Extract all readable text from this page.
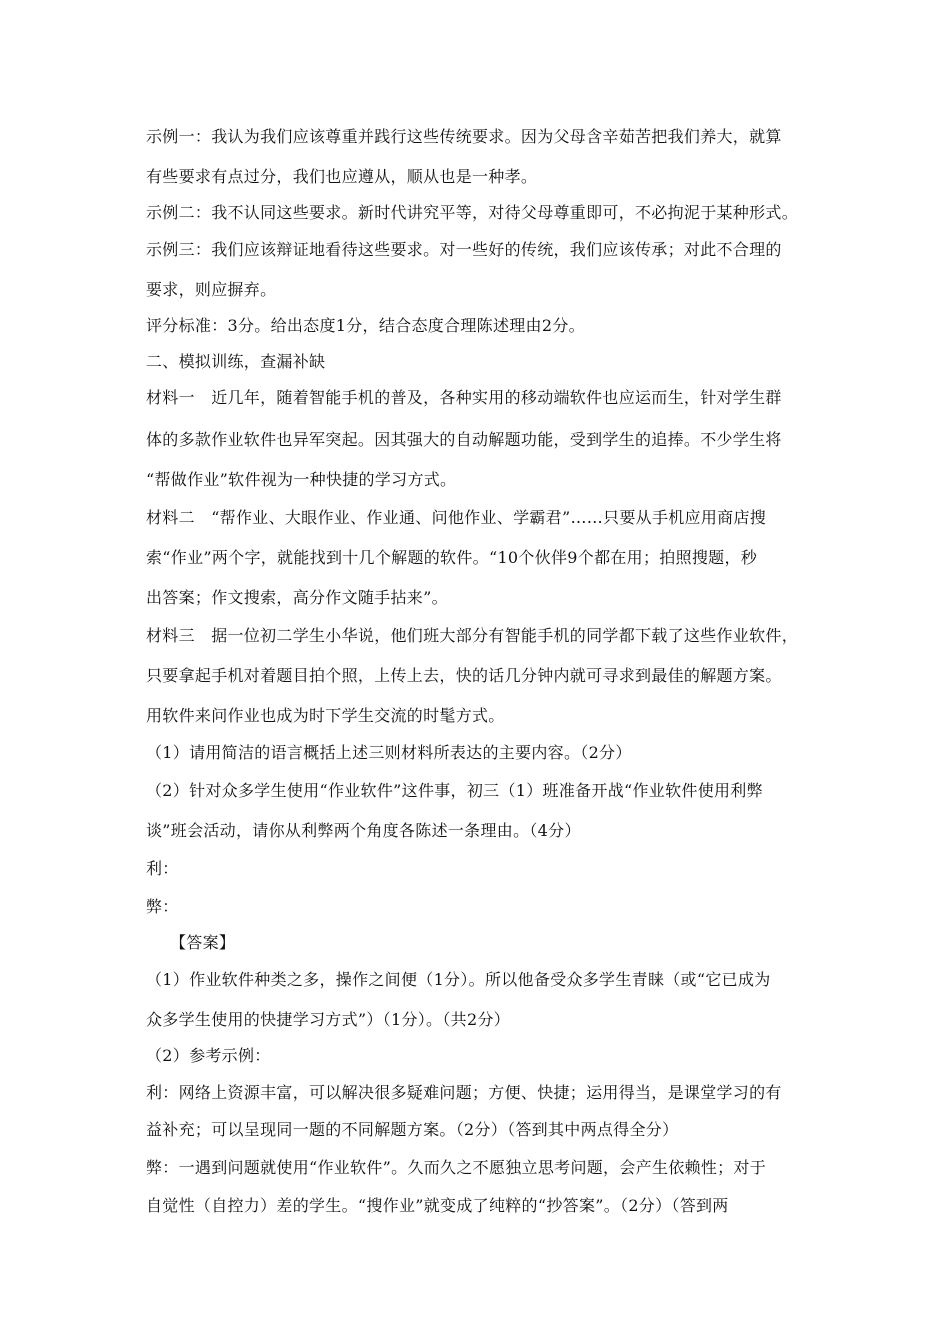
示例一：我认为我们应该尊重并践行这些传统要求。因为父母含辛茹苦把我们养大，就算
有些要求有点过分，我们也应遵从，顺从也是一种孝。
示例二：我不认同这些要求。新时代讲究平等，对待父母尊重即可，不必拘泥于某种形式。
示例三：我们应该辩证地看待这些要求。对一些好的传统，我们应该传承；对此不合理的
要求，则应摒弃。
评分标准：3分。给出态度1分，结合态度合理陈述理由2分。
二、模拟训练，查漏补缺
材料一　近几年，随着智能手机的普及，各种实用的移动端软件也应运而生，针对学生群
体的多款作业软件也异军突起。因其强大的自动解题功能，受到学生的追捧。不少学生将
“帮做作业”软件视为一种快捷的学习方式。
材料二　“帮作业、大眼作业、作业通、问他作业、学霸君”……只要从手机应用商店搜
索“作业”两个字，就能找到十几个解题的软件。“10个伙伴9个都在用；拍照搜题，秒
出答案；作文搜索，高分作文随手拈来”。
材料三　据一位初二学生小华说，他们班大部分有智能手机的同学都下载了这些作业软件，
只要拿起手机对着题目拍个照，上传上去，快的话几分钟内就可寻求到最佳的解题方案。
用软件来问作业也成为时下学生交流的时髦方式。
（1）请用简洁的语言概括上述三则材料所表达的主要内容。（2分）
（2）针对众多学生使用“作业软件”这件事，初三（1）班准备开战“作业软件使用利弊
谈”班会活动，请你从利弊两个角度各陈述一条理由。（4分）
利：
弊：
【答案】
（1）作业软件种类之多，操作之间便（1分）。所以他备受众多学生青睐（或“它已成为
众多学生使用的快捷学习方式”）（1分）。（共2分）
（2）参考示例：
利：网络上资源丰富，可以解决很多疑难问题；方便、快捷；运用得当，是课堂学习的有
益补充；可以呈现同一题的不同解题方案。（2分）（答到其中两点得全分）
弊：一遇到问题就使用“作业软件”。久而久之不愿独立思考问题，会产生依赖性；对于
自觉性（自控力）差的学生。“搜作业”就变成了纯粹的“抄答案”。（2分）（答到两
